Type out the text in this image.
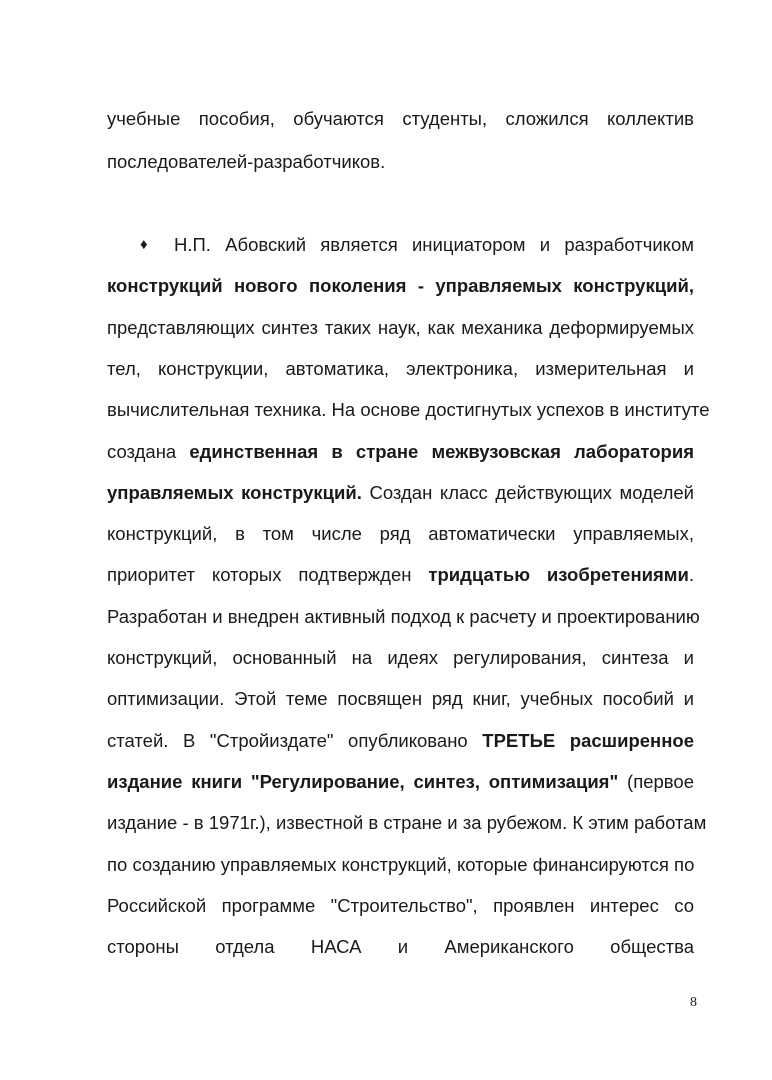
учебные пособия, обучаются студенты, сложился коллектив
последователей-разработчиков.
♦ Н.П. Абовский является инициатором и разработчиком
конструкций нового поколения - управляемых конструкций,
представляющих синтез таких наук, как механика деформируемых
тел, конструкции, автоматика, электроника, измерительная и
вычислительная техника. На основе достигнутых успехов в институте
создана единственная в стране межвузовская лаборатория
управляемых конструкций. Создан класс действующих моделей
конструкций, в том числе ряд автоматически управляемых,
приоритет которых подтвержден тридцатью изобретениями.
Разработан и внедрен активный подход к расчету и проектированию
конструкций, основанный на идеях регулирования, синтеза и
оптимизации. Этой теме посвящен ряд книг, учебных пособий и
статей. В "Стройиздате" опубликовано ТРЕТЬЕ расширенное
издание книги "Регулирование, синтез, оптимизация" (первое
издание - в 1971г.), известной в стране и за рубежом. К этим работам
по созданию управляемых конструкций, которые финансируются по
Российской программе "Строительство", проявлен интерес со
стороны отдела НАСА и Американского общества
8
